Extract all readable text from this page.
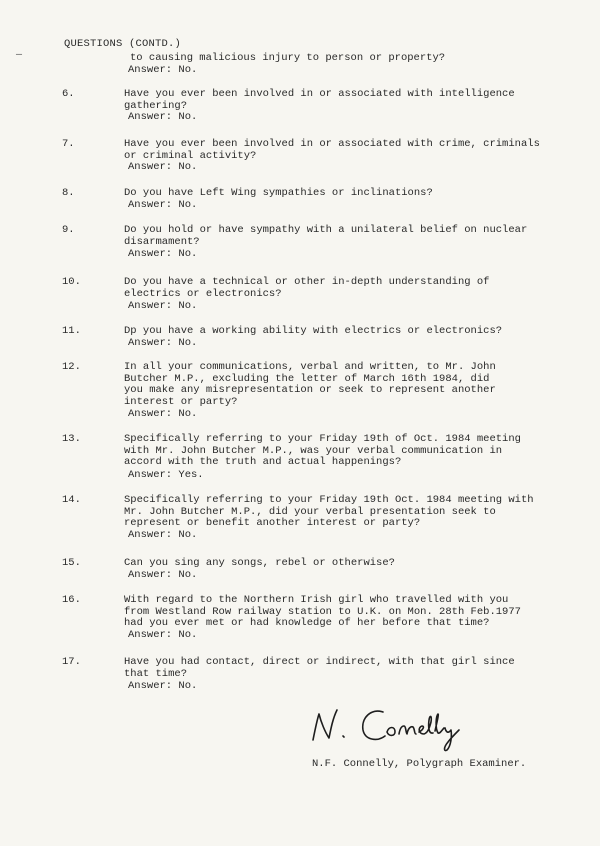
—
QUESTIONS (CONTD.)
to causing malicious injury to person or property?
Answer: No.
6.	Have you ever been involved in or associated with intelligence
gathering?
Answer: No.
7.	Have you ever been involved in or associated with crime, criminals
or criminal activity?
Answer: No.
8.	Do you have Left Wing sympathies or inclinations?
Answer: No.
9.	Do you hold or have sympathy with a unilateral belief on nuclear
disarmament?
Answer: No.
10.	Do you have a technical or other in-depth understanding of
electrics or electronics?
Answer: No.
11.	Dp you have a working ability with electrics or electronics?
Answer: No.
12.	In all your communications, verbal and written, to Mr. John
Butcher M.P., excluding the letter of March 16th 1984, did
you make any misrepresentation or seek to represent another
interest or party?
Answer: No.
13.	Specifically referring to your Friday 19th of Oct. 1984 meeting
with Mr. John Butcher M.P., was your verbal communication in
accord with the truth and actual happenings?
Answer: Yes.
14.	Specifically referring to your Friday 19th Oct. 1984 meeting with
Mr. John Butcher M.P., did your verbal presentation seek to
represent or benefit another interest or party?
Answer: No.
15.	Can you sing any songs, rebel or otherwise?
Answer: No.
16.	With regard to the Northern Irish girl who travelled with you
from Westland Row railway station to U.K. on Mon. 28th Feb.1977
had you ever met or had knowledge of her before that time?
Answer: No.
17.	Have you had contact, direct or indirect, with that girl since
that time?
Answer: No.
N.F. Connelly, Polygraph Examiner.
